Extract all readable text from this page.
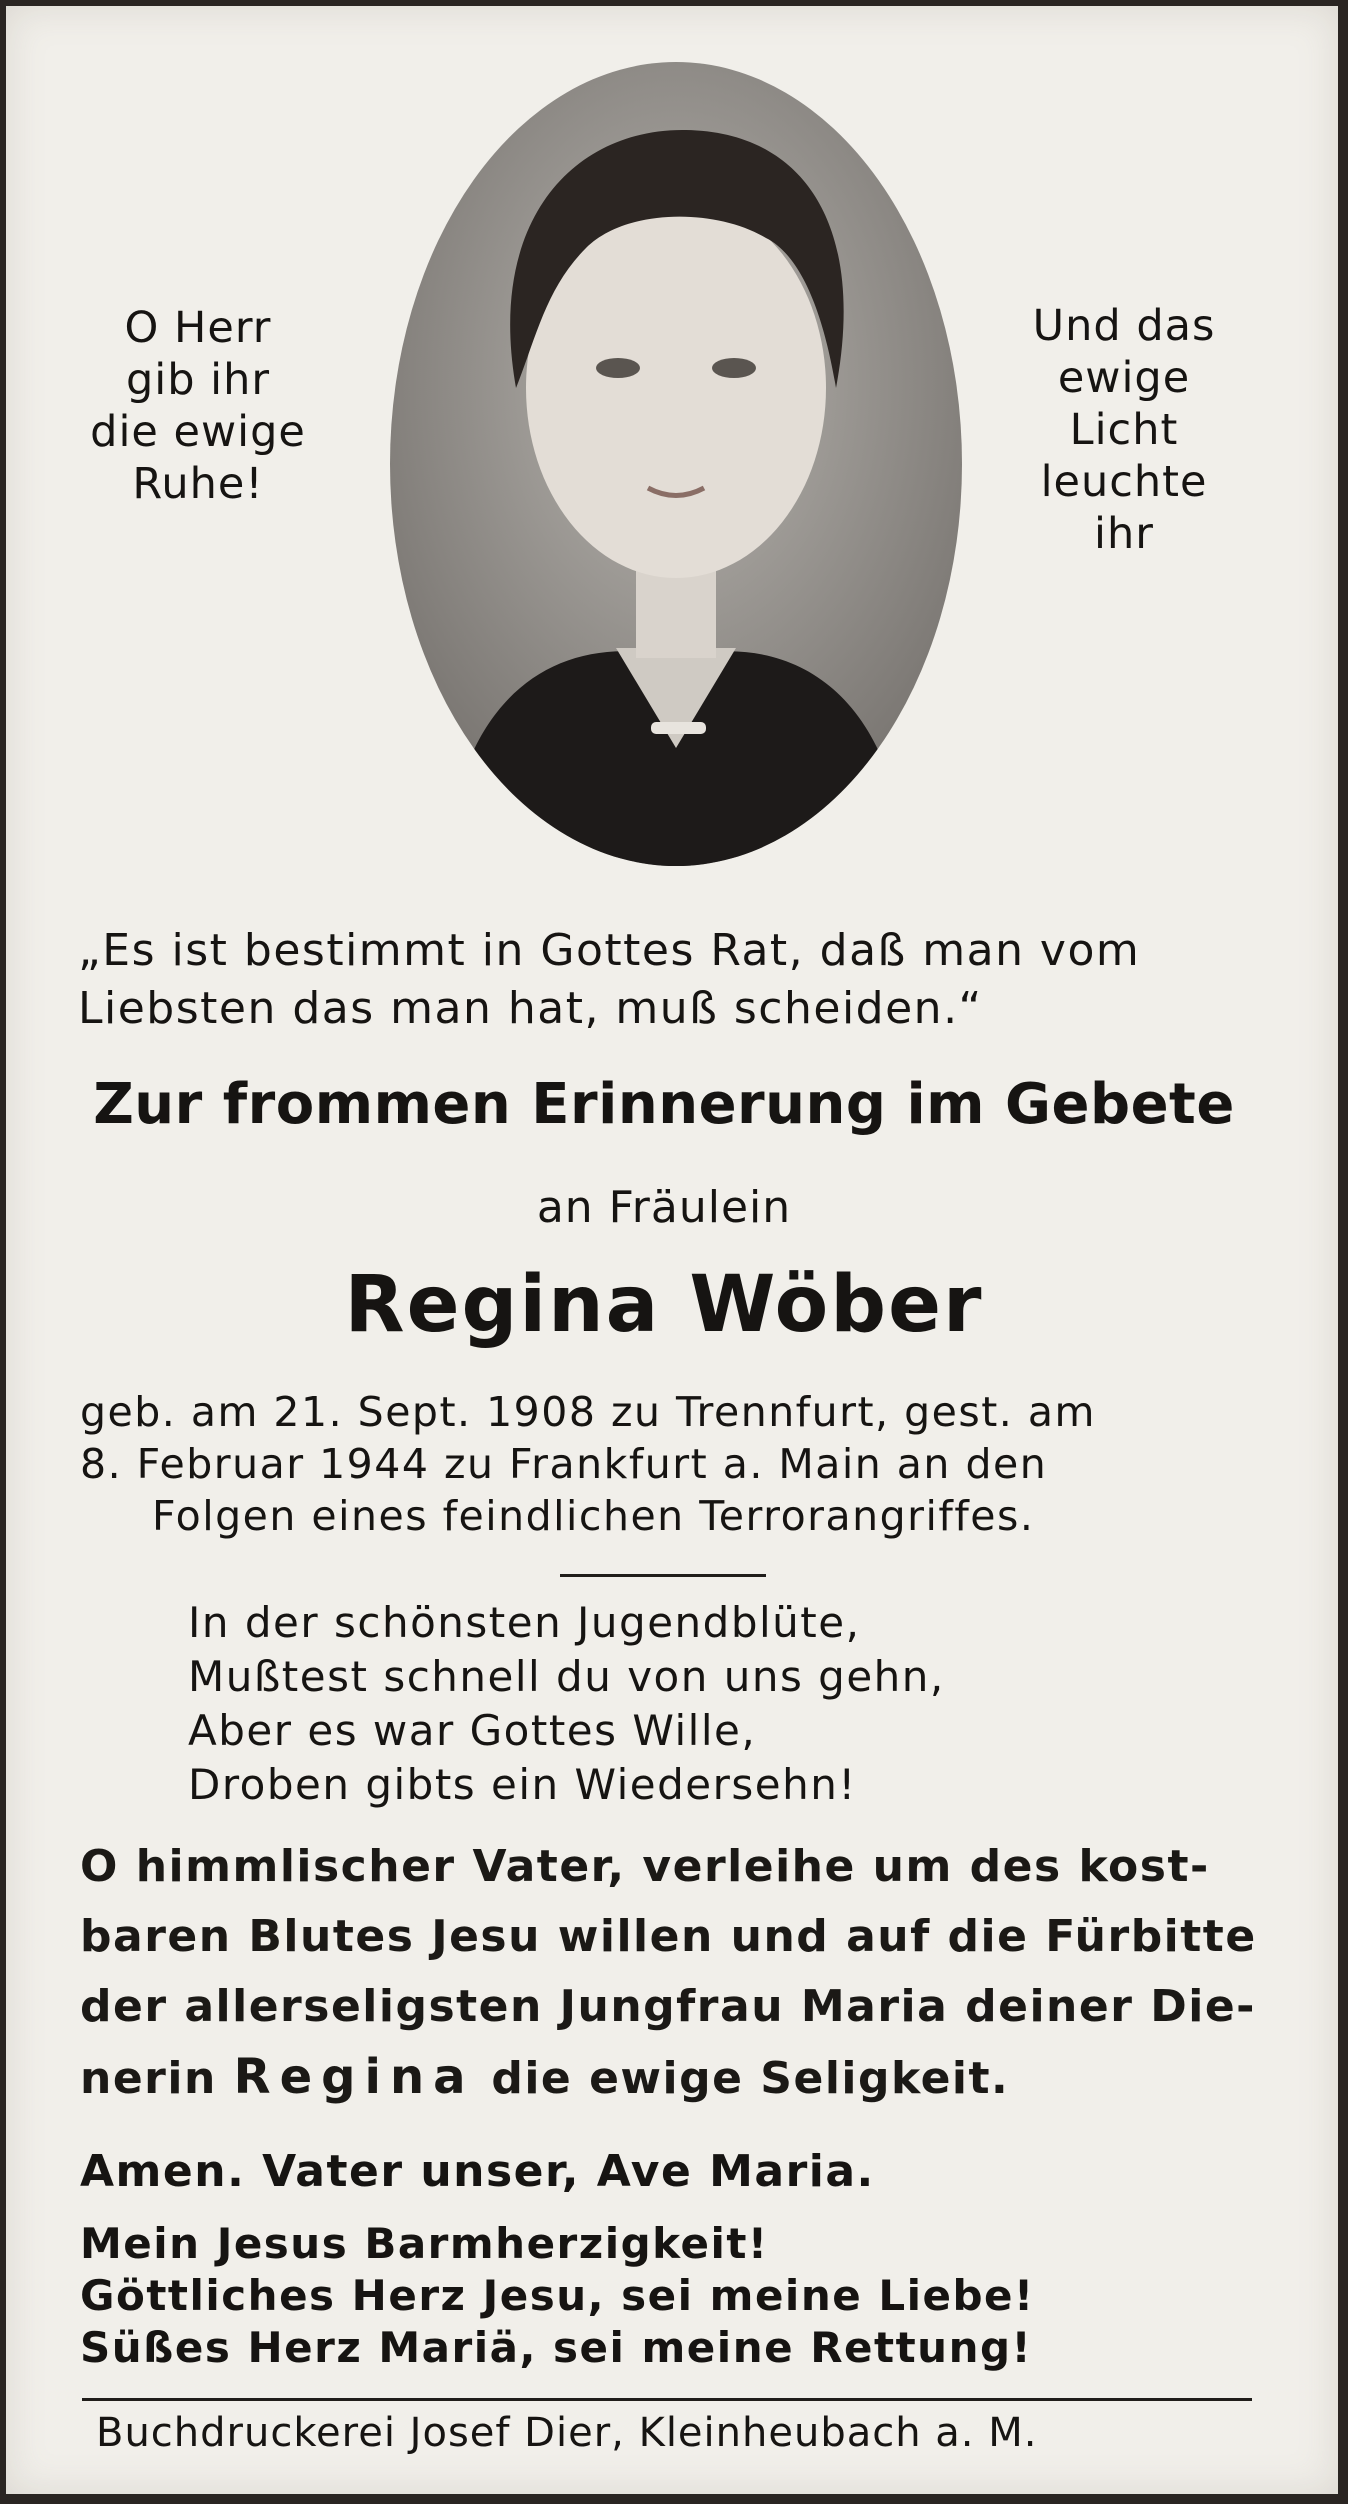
O Herr
gib ihr
die ewige
Ruhe!
Und das
ewige
Licht
leuchte
ihr
„Es ist bestimmt in Gottes Rat, daß man vom
Liebsten das man hat, muß scheiden.“
Zur frommen Erinnerung im Gebete
an Fräulein
Regina Wöber
geb. am 21. Sept. 1908 zu Trennfurt, gest. am
8. Februar 1944 zu Frankfurt a. Main an den
Folgen eines feindlichen Terrorangriffes.
In der schönsten Jugendblüte,
Mußtest schnell du von uns gehn,
Aber es war Gottes Wille,
Droben gibts ein Wiedersehn!
O himmlischer Vater, verleihe um des kost-
baren Blutes Jesu willen und auf die Fürbitte
der allerseligsten Jungfrau Maria deiner Die-
nerin Regina die ewige Seligkeit.
Amen. Vater unser, Ave Maria.
Mein Jesus Barmherzigkeit!
Göttliches Herz Jesu, sei meine Liebe!
Süßes Herz Mariä, sei meine Rettung!
Buchdruckerei Josef Dier, Kleinheubach a. M.
